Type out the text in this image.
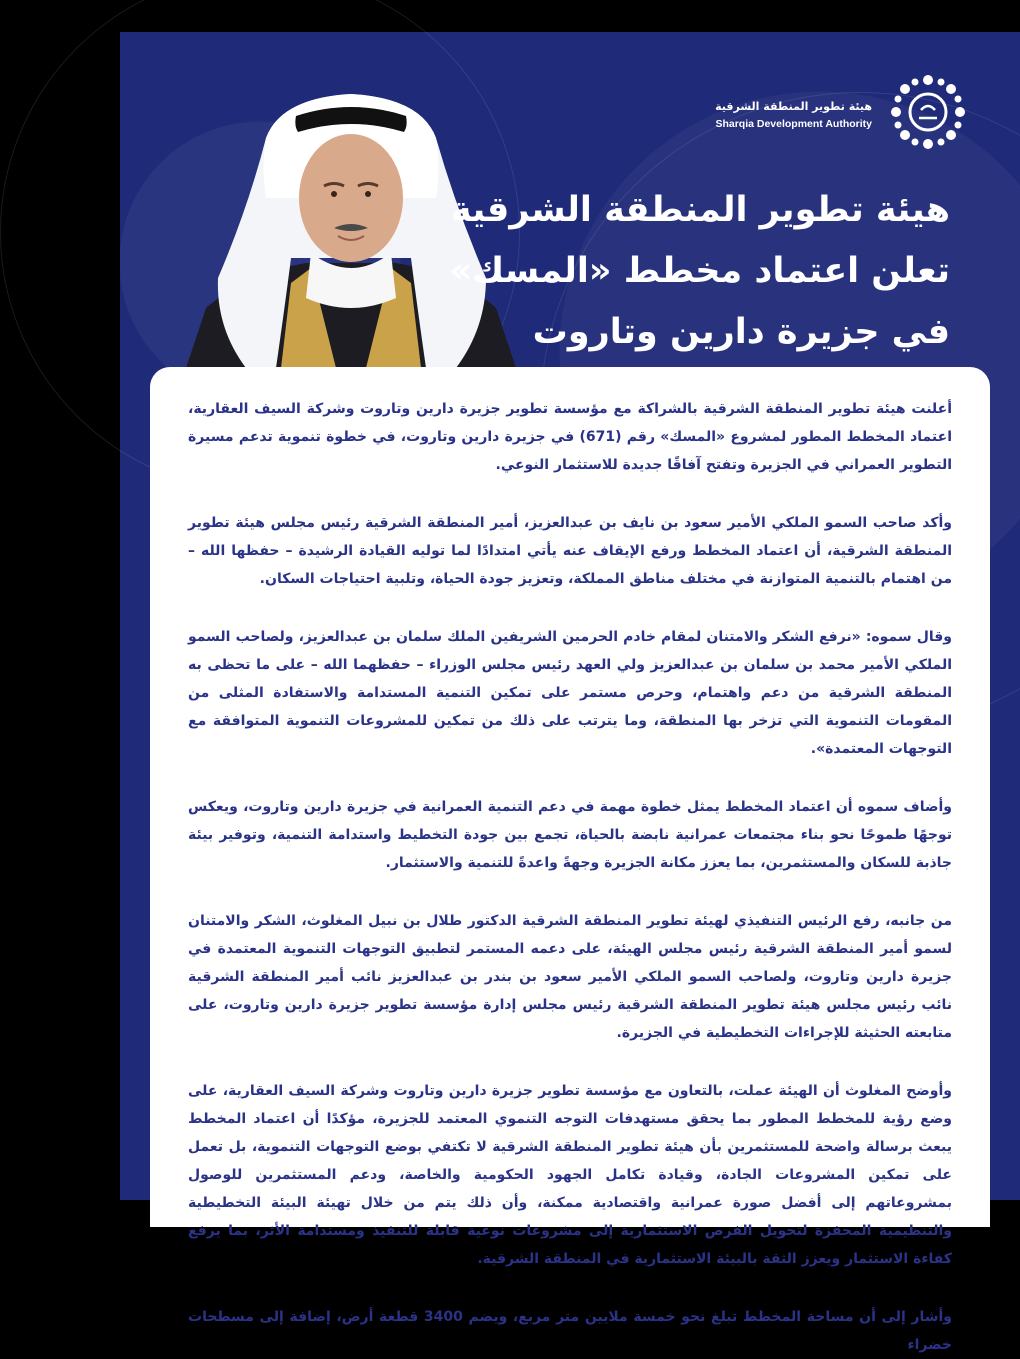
هيئة تطوير المنطقة الشرقية
Sharqia Development Authority
هيئة تطوير المنطقة الشرقية
تعلن اعتماد مخطط «المسك»
في جزيرة دارين وتاروت

أعلنت هيئة تطوير المنطقة الشرقية بالشراكة مع مؤسسة تطوير جزيرة دارين وتاروت وشركة السيف العقارية، اعتماد المخطط المطور لمشروع «المسك» رقم (671) في جزيرة دارين وتاروت، في خطوة تنموية تدعم مسيرة التطوير العمراني في الجزيرة وتفتح آفاقًا جديدة للاستثمار النوعي.

وأكد صاحب السمو الملكي الأمير سعود بن نايف بن عبدالعزيز، أمير المنطقة الشرقية رئيس مجلس هيئة تطوير المنطقة الشرقية، أن اعتماد المخطط ورفع الإيقاف عنه يأتي امتدادًا لما توليه القيادة الرشيدة – حفظها الله – من اهتمام بالتنمية المتوازنة في مختلف مناطق المملكة، وتعزيز جودة الحياة، وتلبية احتياجات السكان.

وقال سموه: «نرفع الشكر والامتنان لمقام خادم الحرمين الشريفين الملك سلمان بن عبدالعزيز، ولصاحب السمو الملكي الأمير محمد بن سلمان بن عبدالعزيز ولي العهد رئيس مجلس الوزراء – حفظهما الله – على ما تحظى به المنطقة الشرقية من دعم واهتمام، وحرص مستمر على تمكين التنمية المستدامة والاستفادة المثلى من المقومات التنموية التي تزخر بها المنطقة، وما يترتب على ذلك من تمكين للمشروعات التنموية المتوافقة مع التوجهات المعتمدة».

وأضاف سموه أن اعتماد المخطط يمثل خطوة مهمة في دعم التنمية العمرانية في جزيرة دارين وتاروت، ويعكس توجهًا طموحًا نحو بناء مجتمعات عمرانية نابضة بالحياة، تجمع بين جودة التخطيط واستدامة التنمية، وتوفير بيئة جاذبة للسكان والمستثمرين، بما يعزز مكانة الجزيرة وجهةً واعدةً للتنمية والاستثمار.

من جانبه، رفع الرئيس التنفيذي لهيئة تطوير المنطقة الشرقية الدكتور طلال بن نبيل المغلوث، الشكر والامتنان لسمو أمير المنطقة الشرقية رئيس مجلس الهيئة، على دعمه المستمر لتطبيق التوجهات التنموية المعتمدة في جزيرة دارين وتاروت، ولصاحب السمو الملكي الأمير سعود بن بندر بن عبدالعزيز نائب أمير المنطقة الشرقية نائب رئيس مجلس هيئة تطوير المنطقة الشرقية رئيس مجلس إدارة مؤسسة تطوير جزيرة دارين وتاروت، على متابعته الحثيثة للإجراءات التخطيطية في الجزيرة.

وأوضح المغلوث أن الهيئة عملت، بالتعاون مع مؤسسة تطوير جزيرة دارين وتاروت وشركة السيف العقارية، على وضع رؤية للمخطط المطور بما يحقق مستهدفات التوجه التنموي المعتمد للجزيرة، مؤكدًا أن اعتماد المخطط يبعث برسالة واضحة للمستثمرين بأن هيئة تطوير المنطقة الشرقية لا تكتفي بوضع التوجهات التنموية، بل تعمل على تمكين المشروعات الجادة، وقيادة تكامل الجهود الحكومية والخاصة، ودعم المستثمرين للوصول بمشروعاتهم إلى أفضل صورة عمرانية واقتصادية ممكنة، وأن ذلك يتم من خلال تهيئة البيئة التخطيطية والتنظيمية المحفزة لتحويل الفرص الاستثمارية إلى مشروعات نوعية قابلة للتنفيذ ومستدامة الأثر، بما يرفع كفاءة الاستثمار ويعزز الثقة بالبيئة الاستثمارية في المنطقة الشرقية.

وأشار إلى أن مساحة المخطط تبلغ نحو خمسة ملايين متر مربع، ويضم 3400 قطعة أرض، إضافة إلى مسطحات خضراء
